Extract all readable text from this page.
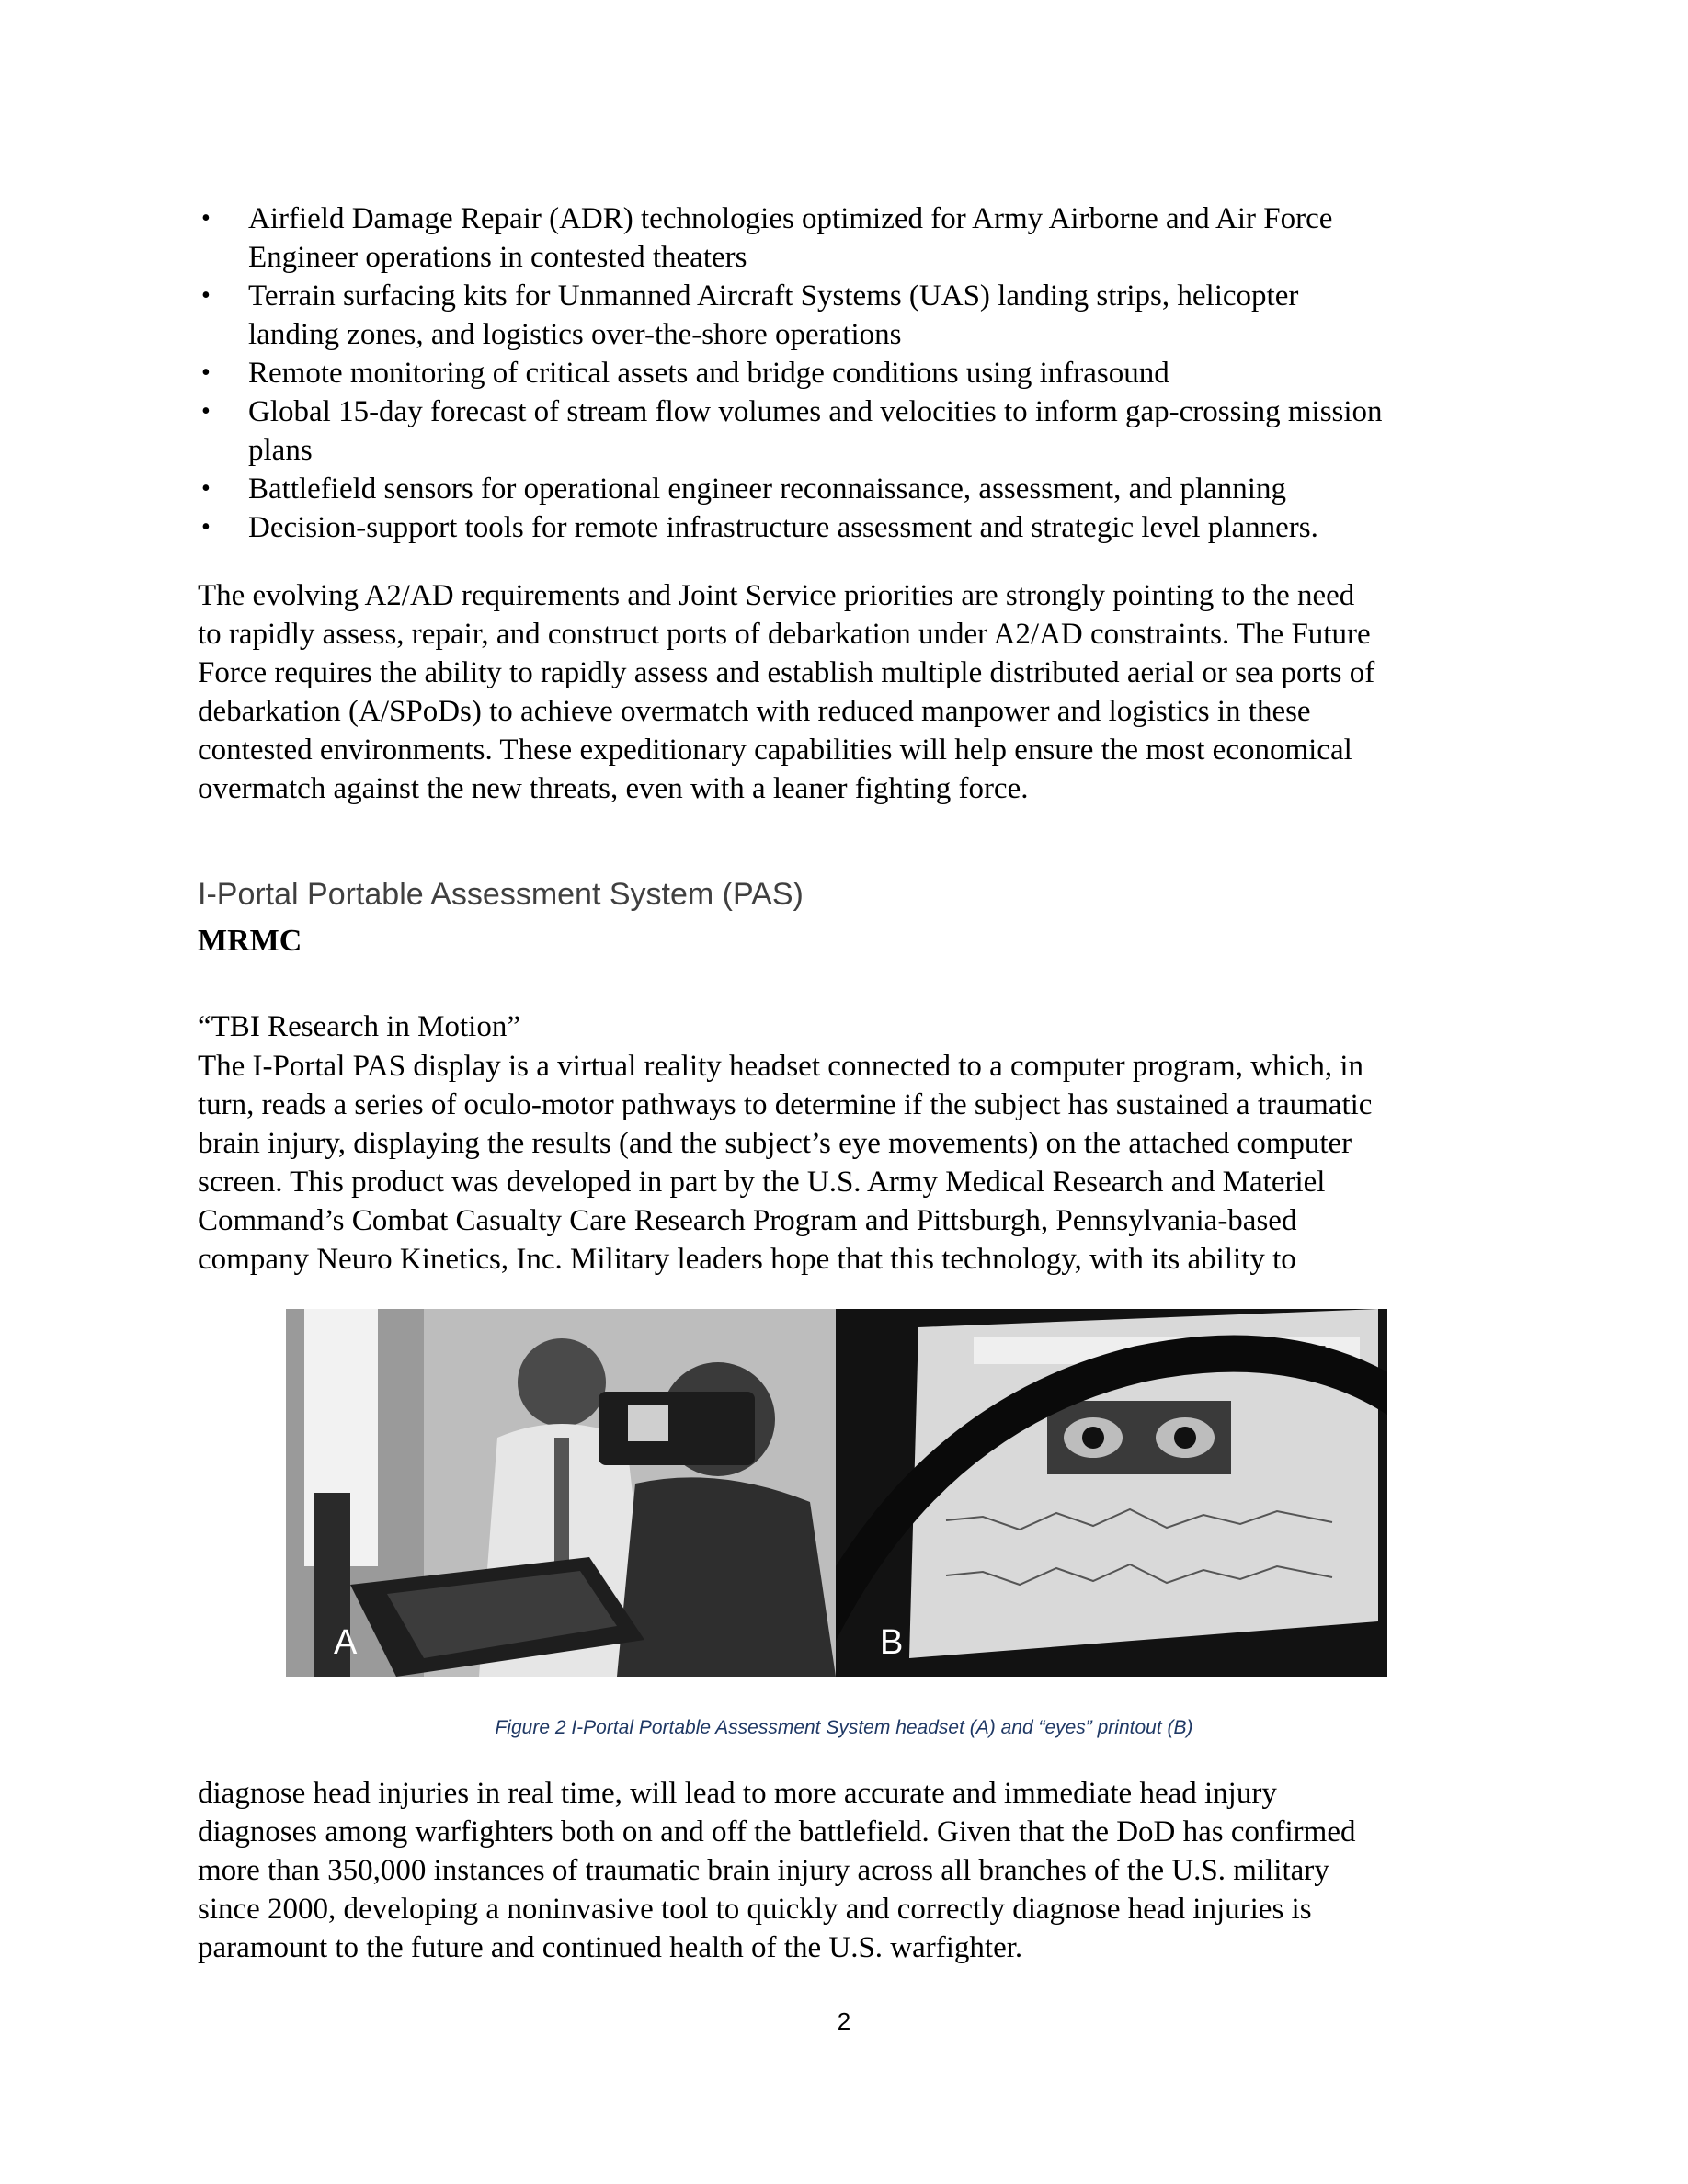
• Airfield Damage Repair (ADR) technologies optimized for Army Airborne and Air Force
Engineer operations in contested theaters
• Terrain surfacing kits for Unmanned Aircraft Systems (UAS) landing strips, helicopter
landing zones, and logistics over-the-shore operations
• Remote monitoring of critical assets and bridge conditions using infrasound
• Global 15-day forecast of stream flow volumes and velocities to inform gap-crossing mission
plans
• Battlefield sensors for operational engineer reconnaissance, assessment, and planning
• Decision-support tools for remote infrastructure assessment and strategic level planners.

The evolving A2/AD requirements and Joint Service priorities are strongly pointing to the need
to rapidly assess, repair, and construct ports of debarkation under A2/AD constraints. The Future
Force requires the ability to rapidly assess and establish multiple distributed aerial or sea ports of
debarkation (A/SPoDs) to achieve overmatch with reduced manpower and logistics in these
contested environments. These expeditionary capabilities will help ensure the most economical
overmatch against the new threats, even with a leaner fighting force.

I-Portal Portable Assessment System (PAS)

MRMC

“TBI Research in Motion”

The I-Portal PAS display is a virtual reality headset connected to a computer program, which, in
turn, reads a series of oculo-motor pathways to determine if the subject has sustained a traumatic
brain injury, displaying the results (and the subject’s eye movements) on the attached computer
screen. This product was developed in part by the U.S. Army Medical Research and Materiel
Command’s Combat Casualty Care Research Program and Pittsburgh, Pennsylvania-based
company Neuro Kinetics, Inc. Military leaders hope that this technology, with its ability to

A
I-Portal® 5
B

Figure 2 I-Portal Portable Assessment System headset (A) and “eyes” printout (B)

diagnose head injuries in real time, will lead to more accurate and immediate head injury
diagnoses among warfighters both on and off the battlefield. Given that the DoD has confirmed
more than 350,000 instances of traumatic brain injury across all branches of the U.S. military
since 2000, developing a noninvasive tool to quickly and correctly diagnose head injuries is
paramount to the future and continued health of the U.S. warfighter.

2
